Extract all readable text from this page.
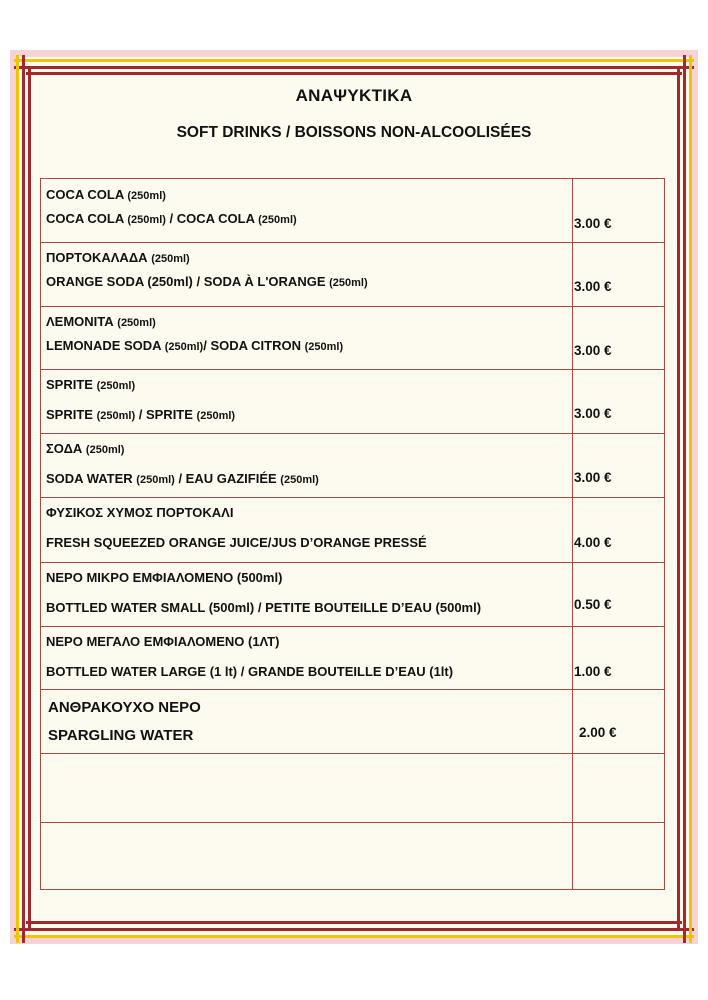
ΑΝΑΨΥΚΤΙΚΑ
SOFT DRINKS / BOISSONS NON-ALCOOLISÉES
COCA COLA (250ml)
COCA COLA (250ml) / COCA COLA (250ml)	3.00 €
ΠΟΡΤΟΚΑΛΑΔΑ (250ml)
ORANGE SODA (250ml) / SODA À L'ORANGE (250ml)	3.00 €
ΛΕΜΟΝΙΤΑ (250ml)
LEMONADE SODA (250ml)/ SODA CITRON (250ml)	3.00 €
SPRITE (250ml)
SPRITE (250ml) / SPRITE (250ml)	3.00 €
ΣΟΔΑ (250ml)
SODA WATER (250ml) / EAU GAZIFIÉE (250ml)	3.00 €
ΦΥΣΙΚΟΣ ΧΥΜΟΣ ΠΟΡΤΟΚΑΛΙ
FRESH SQUEEZED ORANGE JUICE/JUS D’ORANGE PRESSÉ	4.00 €
ΝΕΡΟ ΜΙΚΡΟ ΕΜΦΙΑΛΟΜΕΝΟ (500ml)
BOTTLED WATER SMALL (500ml) / PETITE BOUTEILLE D’EAU (500ml)	0.50 €
ΝΕΡΟ ΜΕΓΑΛΟ ΕΜΦΙΑΛΟΜΕΝΟ (1ΛΤ)
BOTTLED WATER LARGE (1 lt) / GRANDE BOUTEILLE D’EAU (1lt)	1.00 €
ΑΝΘΡΑΚΟΥΧΟ ΝΕΡΟ
SPARGLING WATER	2.00 €
